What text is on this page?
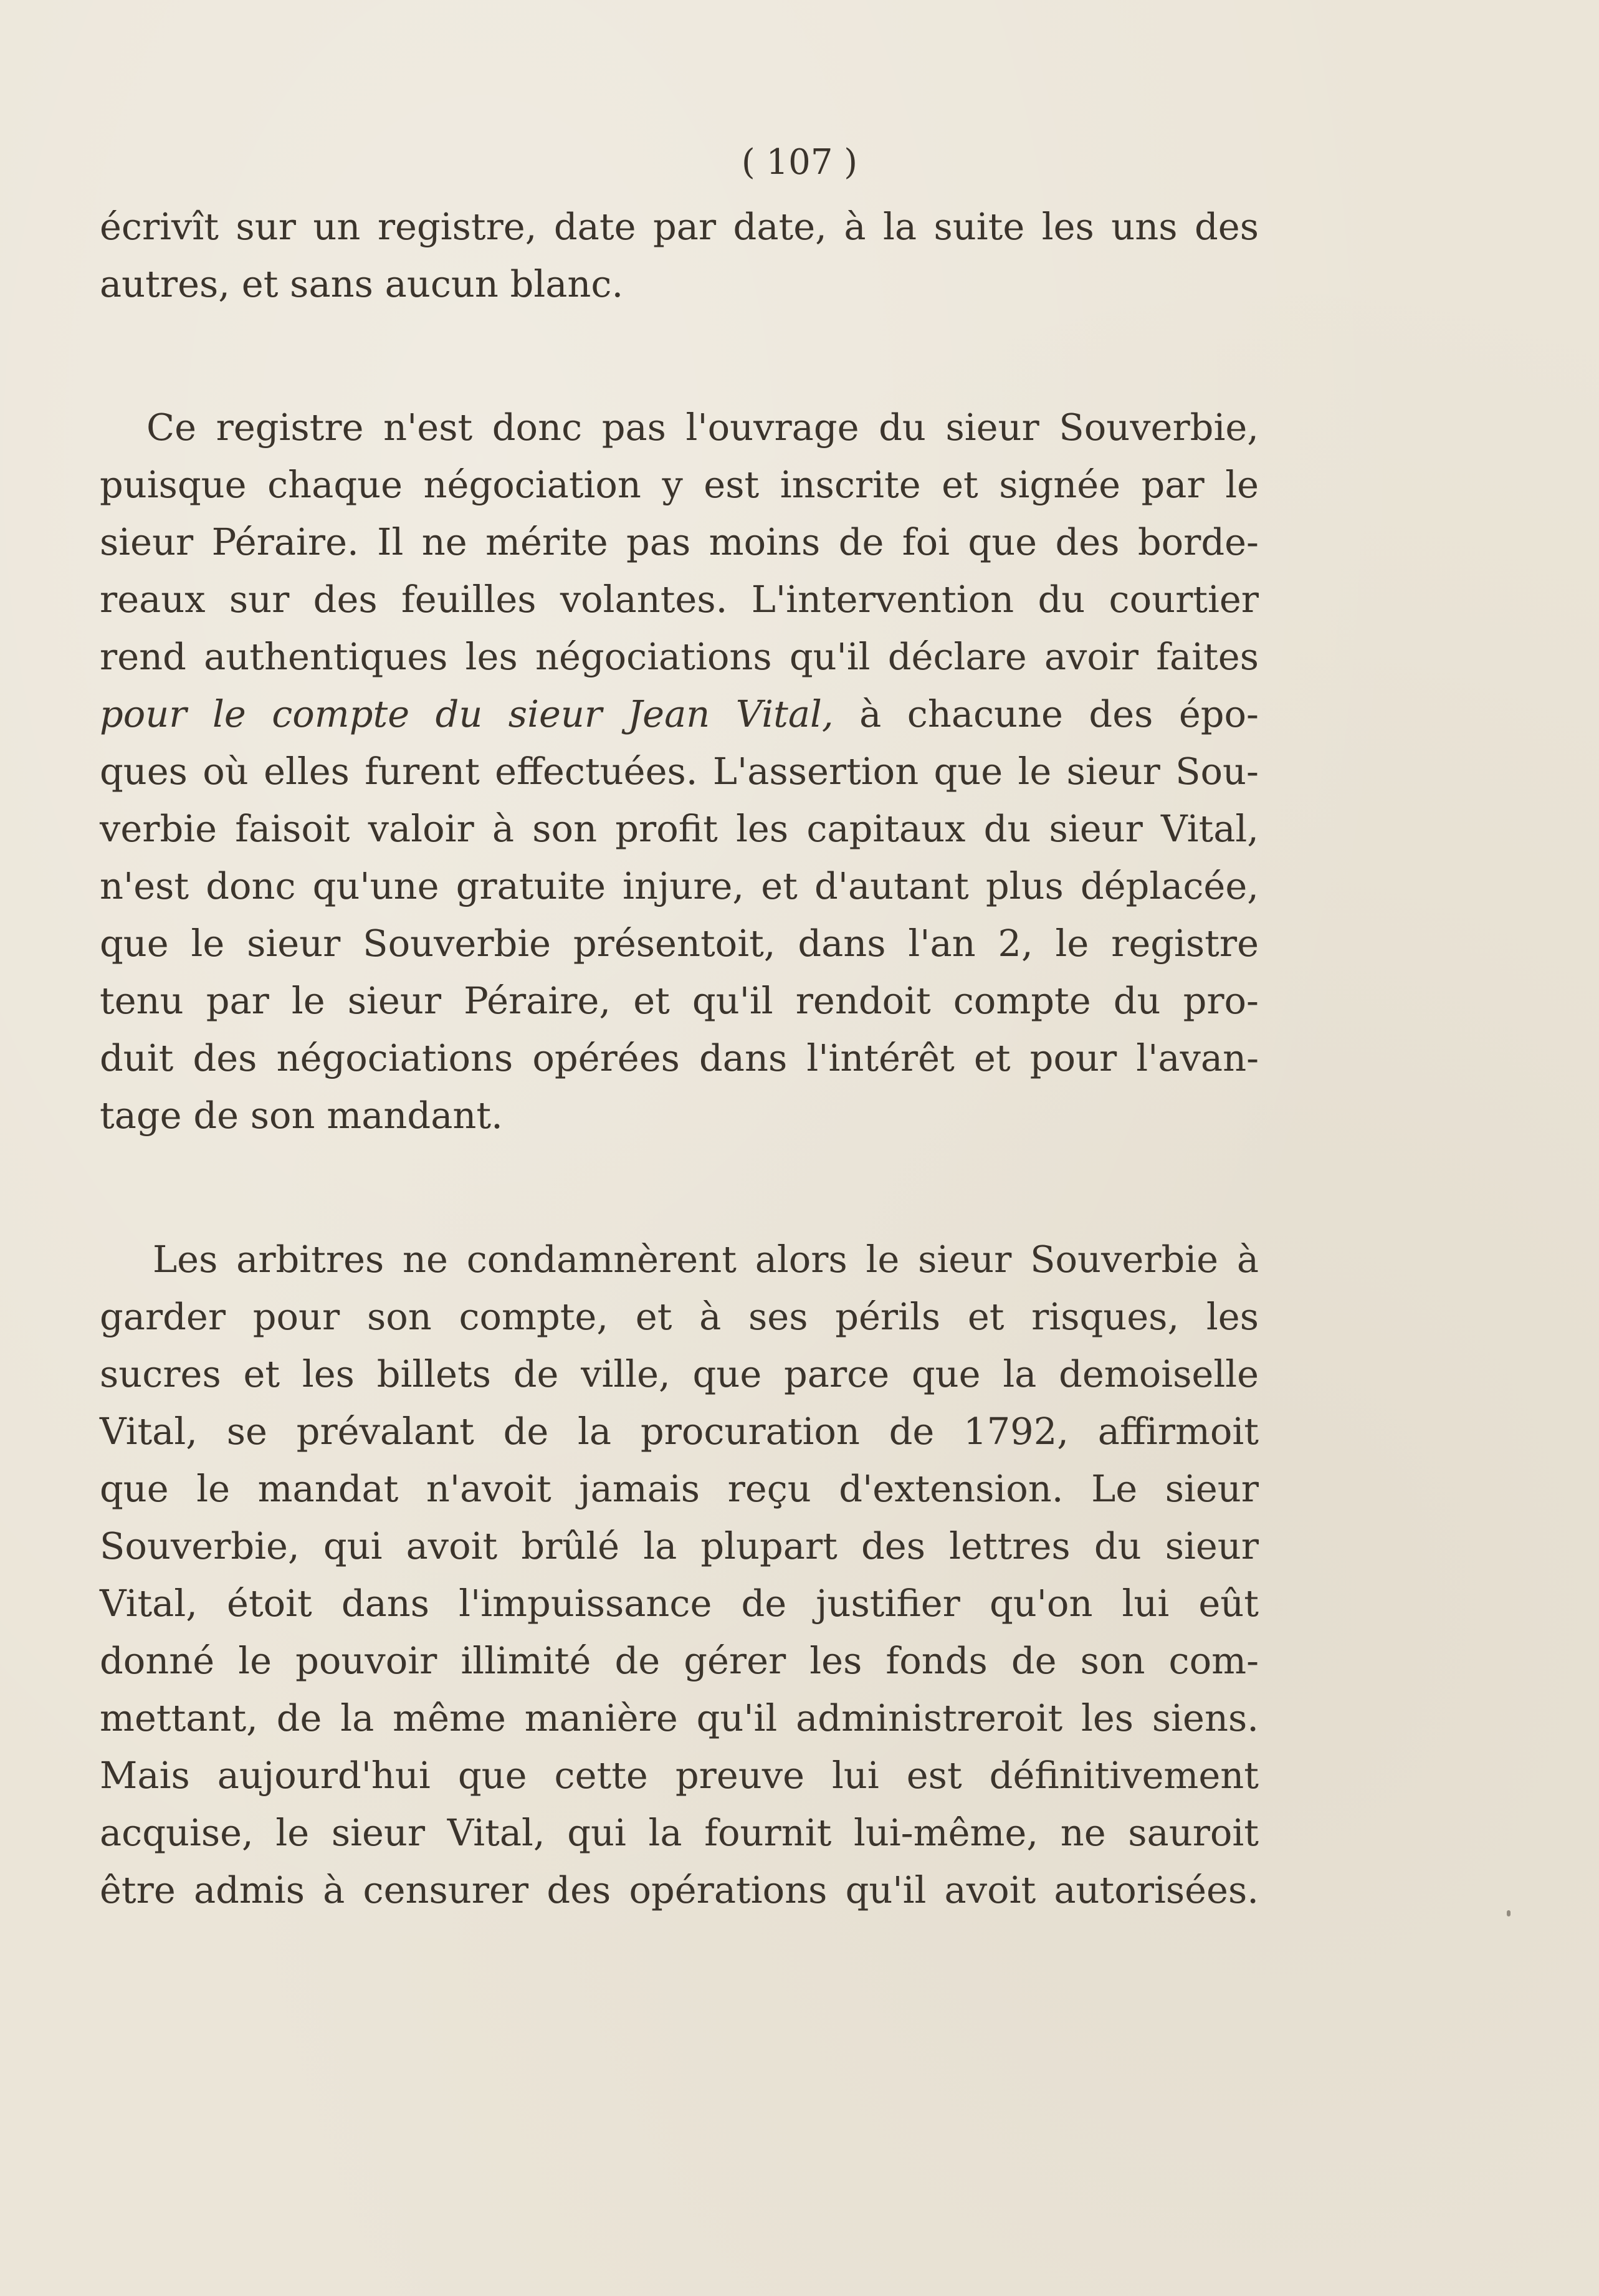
( 107 )
écrivît sur un registre, date par date, à la suite les uns des
autres, et sans aucun blanc.
Ce registre n'est donc pas l'ouvrage du sieur Souverbie,
puisque chaque négociation y est inscrite et signée par le
sieur Péraire. Il ne mérite pas moins de foi que des borde-
reaux sur des feuilles volantes. L'intervention du courtier
rend authentiques les négociations qu'il déclare avoir faites
pour le compte du sieur Jean Vital, à chacune des épo-
ques où elles furent effectuées. L'assertion que le sieur Sou-
verbie faisoit valoir à son profit les capitaux du sieur Vital,
n'est donc qu'une gratuite injure, et d'autant plus déplacée,
que le sieur Souverbie présentoit, dans l'an 2, le registre
tenu par le sieur Péraire, et qu'il rendoit compte du pro-
duit des négociations opérées dans l'intérêt et pour l'avan-
tage de son mandant.
Les arbitres ne condamnèrent alors le sieur Souverbie à
garder pour son compte, et à ses périls et risques, les
sucres et les billets de ville, que parce que la demoiselle
Vital, se prévalant de la procuration de 1792, affirmoit
que le mandat n'avoit jamais reçu d'extension. Le sieur
Souverbie, qui avoit brûlé la plupart des lettres du sieur
Vital, étoit dans l'impuissance de justifier qu'on lui eût
donné le pouvoir illimité de gérer les fonds de son com-
mettant, de la même manière qu'il administreroit les siens.
Mais aujourd'hui que cette preuve lui est définitivement
acquise, le sieur Vital, qui la fournit lui-même, ne sauroit
être admis à censurer des opérations qu'il avoit autorisées.
